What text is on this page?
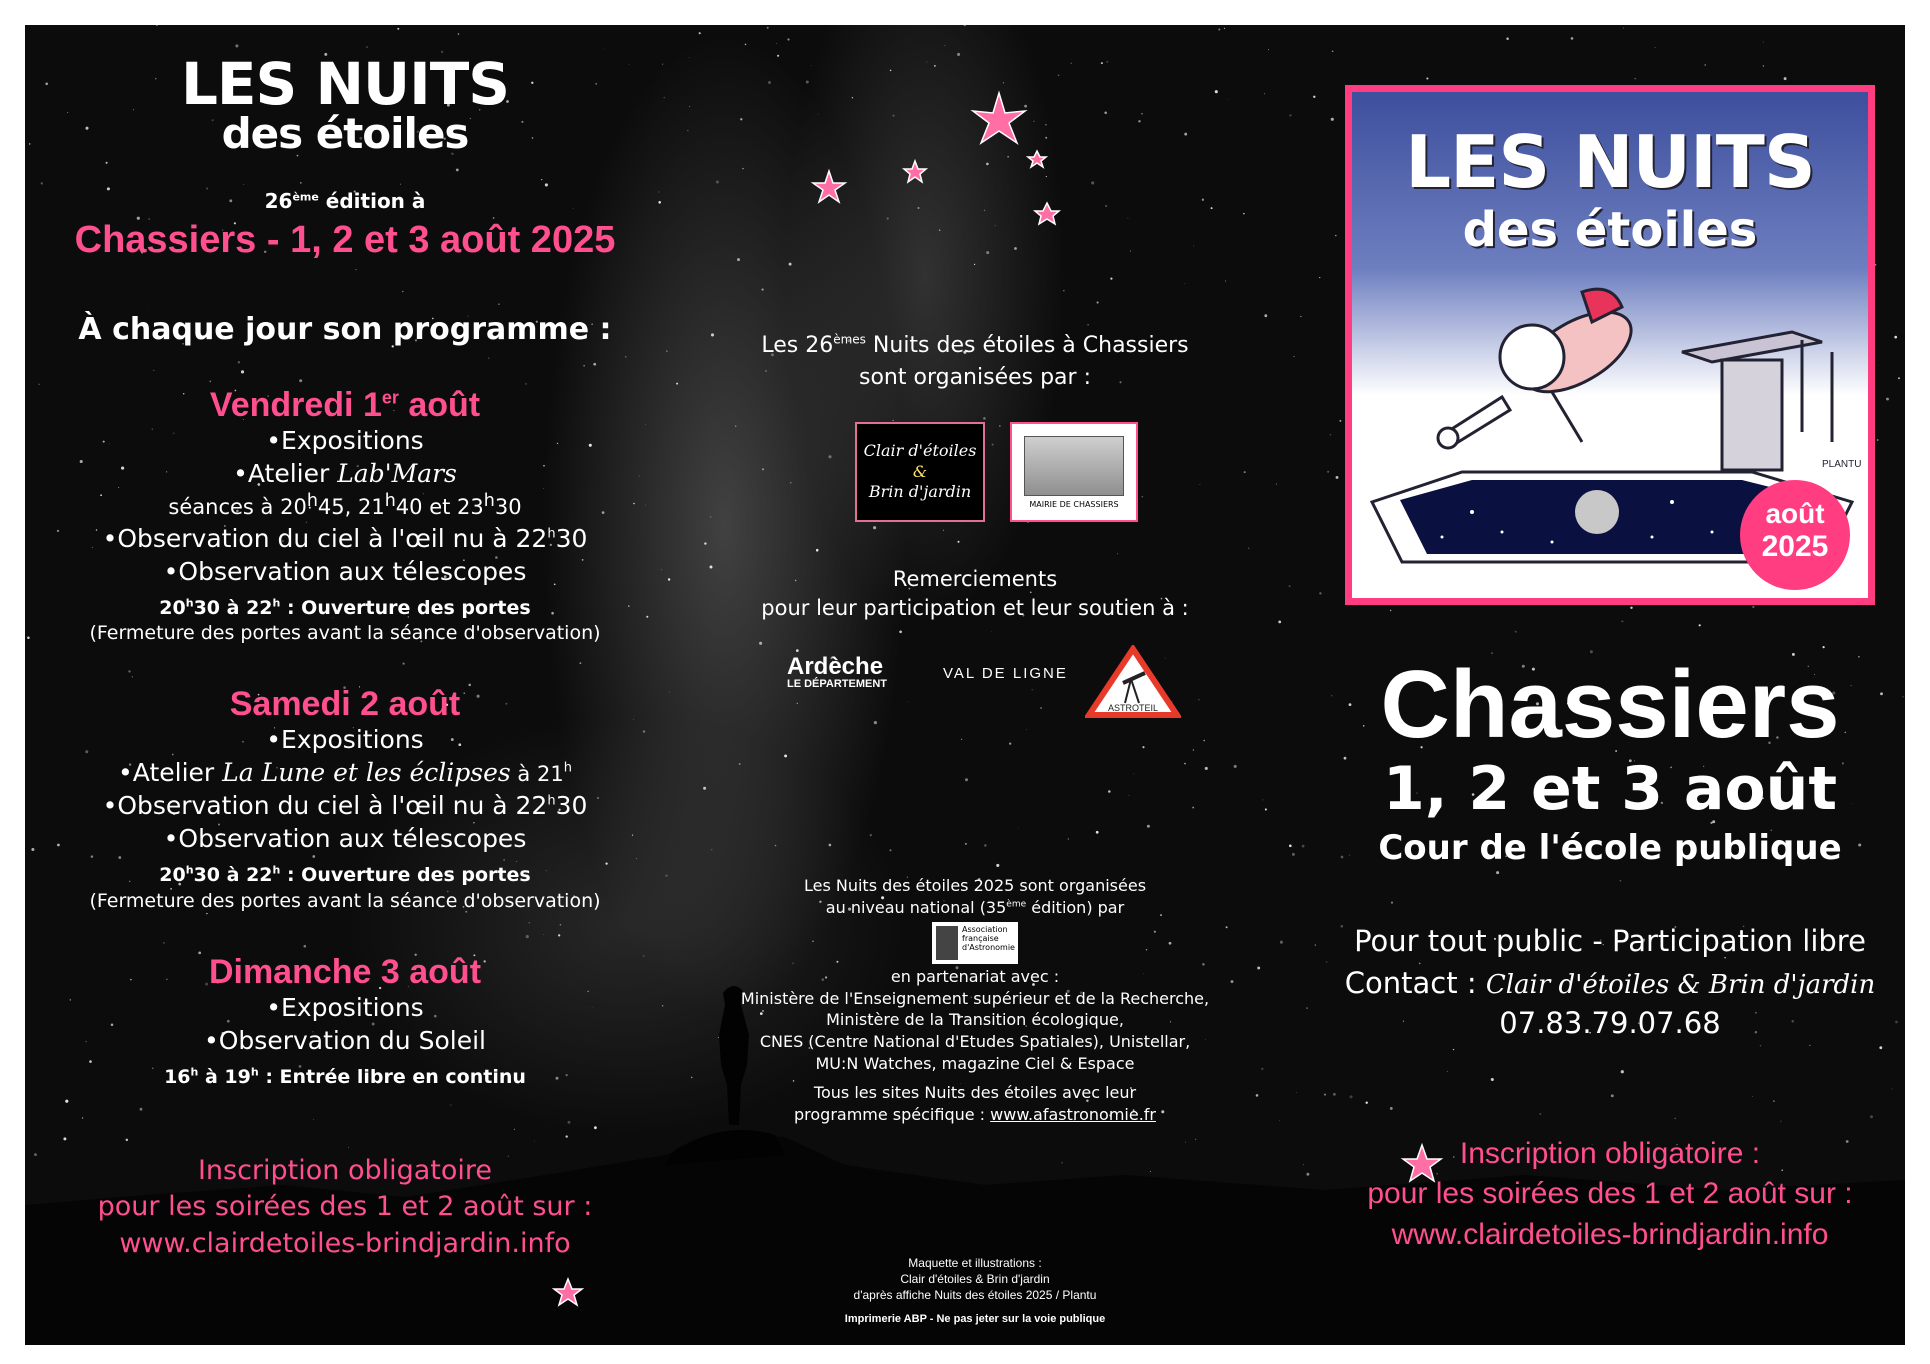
LES NUITS
des étoiles
26ème édition à
Chassiers - 1, 2 et 3 août 2025
À chaque jour son programme :
Vendredi 1er août
•Expositions
•Atelier Lab'Mars
séances à 20$^h$45, 21$^h$40 et 23$^h$30
•Observation du ciel à l'œil nu à 22$^h$30
•Observation aux télescopes
20$^h$30 à 22$^h$ : Ouverture des portes
(Fermeture des portes avant la séance d'observation)
Samedi 2 août
•Expositions
•Atelier La Lune et les éclipses à 21$^h$
•Observation du ciel à l'œil nu à 22$^h$30
•Observation aux télescopes
20$^h$30 à 22$^h$ : Ouverture des portes
(Fermeture des portes avant la séance d'observation)
Dimanche 3 août
•Expositions
•Observation du Soleil
16$^h$ à 19$^h$ : Entrée libre en continu
Inscription obligatoire
pour les soirées des 1 et 2 août sur :
www.clairdetoiles-brindjardin.info
Les 26èmes Nuits des étoiles à Chassiers
sont organisées par :
Clair d'étoiles
&
Brin d'jardin
MAIRIE DE CHASSIERS
Remerciements
pour leur participation et leur soutien à :
Ardèche
LE DÉPARTEMENT
VAL DE LIGNE
ASTROTEIL
Les Nuits des étoiles 2025 sont organisées
au niveau national (35ème édition) par
Association française d'Astronomie
en partenariat avec :
Ministère de l'Enseignement supérieur et de la Recherche,
Ministère de la Transition écologique,
CNES (Centre National d'Etudes Spatiales), Unistellar,
MU:N Watches, magazine Ciel & Espace
Tous les sites Nuits des étoiles avec leur
programme spécifique : www.afastronomie.fr
Maquette et illustrations :
Clair d'étoiles & Brin d'jardin
d'après affiche Nuits des étoiles 2025 / Plantu
Imprimerie ABP - Ne pas jeter sur la voie publique
PLANTU
LES NUITS
des étoiles
août
2025
Chassiers
1, 2 et 3 août
Cour de l'école publique
Pour tout public - Participation libre
Contact : Clair d'étoiles & Brin d'jardin
07.83.79.07.68
Inscription obligatoire :
pour les soirées des 1 et 2 août sur :
www.clairdetoiles-brindjardin.info
